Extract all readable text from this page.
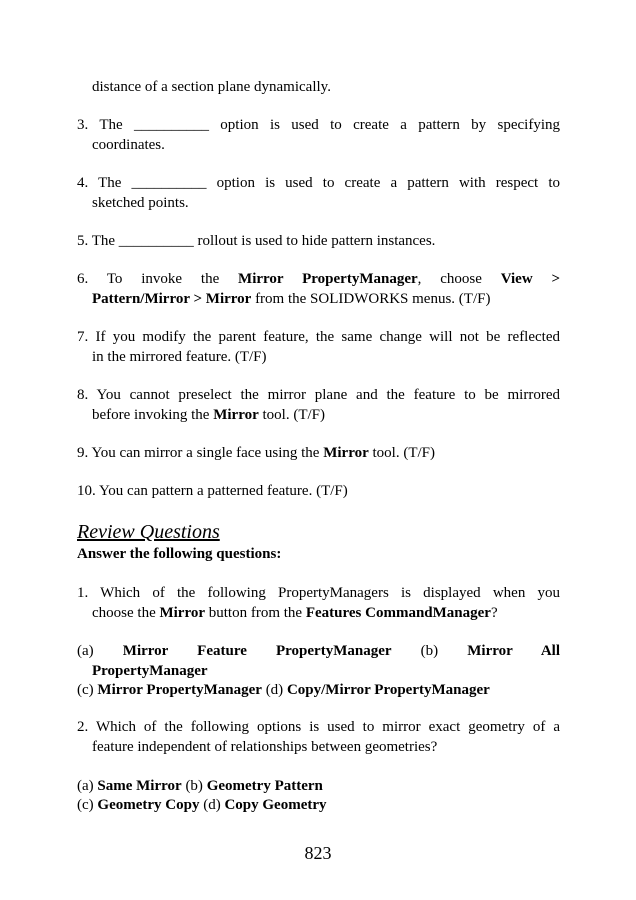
distance of a section plane dynamically.
3. The __________ option is used to create a pattern by specifying
coordinates.
4. The __________ option is used to create a pattern with respect to
sketched points.
5. The __________ rollout is used to hide pattern instances.
6. To invoke the Mirror PropertyManager, choose View >
Pattern/Mirror > Mirror from the SOLIDWORKS menus. (T/F)
7. If you modify the parent feature, the same change will not be reflected
in the mirrored feature. (T/F)
8. You cannot preselect the mirror plane and the feature to be mirrored
before invoking the Mirror tool. (T/F)
9. You can mirror a single face using the Mirror tool. (T/F)
10. You can pattern a patterned feature. (T/F)
Review Questions
Answer the following questions:
1. Which of the following PropertyManagers is displayed when you
choose the Mirror button from the Features CommandManager?
(a) Mirror Feature PropertyManager (b) Mirror All
PropertyManager
(c) Mirror PropertyManager (d) Copy/Mirror PropertyManager
2. Which of the following options is used to mirror exact geometry of a
feature independent of relationships between geometries?
(a) Same Mirror (b) Geometry Pattern
(c) Geometry Copy (d) Copy Geometry
823
